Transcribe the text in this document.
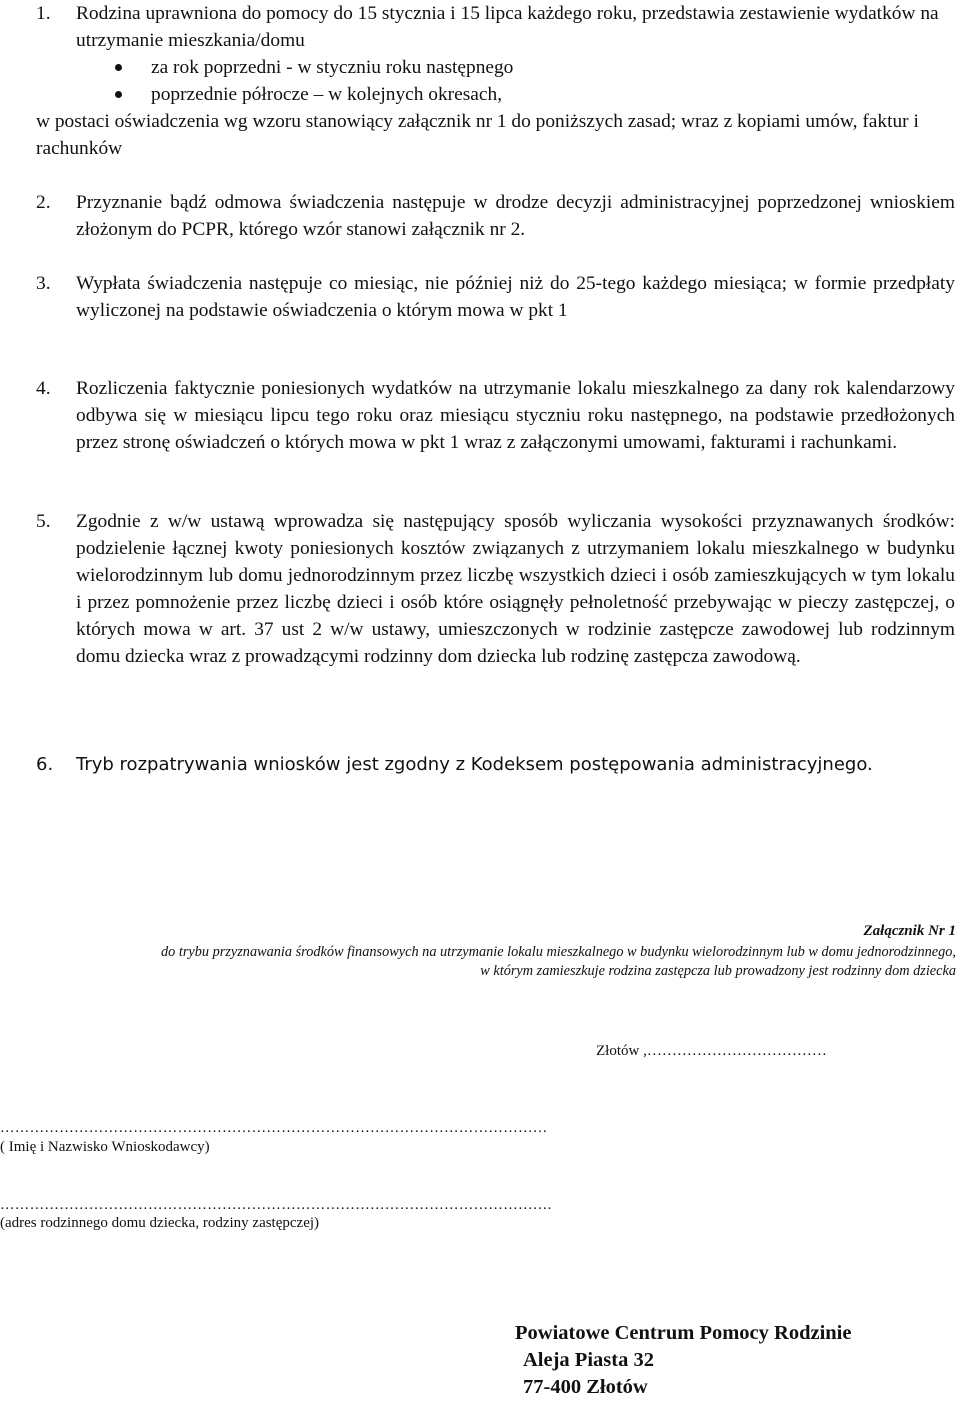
1.	Rodzina uprawniona do pomocy do 15 stycznia i 15 lipca każdego roku, przedstawia zestawienie wydatków na utrzymanie mieszkania/domu
za rok poprzedni - w styczniu roku następnego
poprzednie półrocze – w kolejnych okresach,
w postaci oświadczenia wg wzoru stanowiący załącznik nr 1 do poniższych zasad; wraz z kopiami umów, faktur i rachunków
2.	Przyznanie bądź odmowa świadczenia następuje w drodze decyzji administracyjnej poprzedzonej wnioskiem złożonym do PCPR, którego wzór stanowi załącznik nr 2.
3.	Wypłata świadczenia następuje co miesiąc, nie później niż do 25-tego każdego miesiąca; w formie przedpłaty wyliczonej na podstawie oświadczenia o którym mowa w pkt 1
4.	Rozliczenia faktycznie poniesionych wydatków na utrzymanie lokalu mieszkalnego za dany rok kalendarzowy odbywa się w miesiącu lipcu tego roku oraz miesiącu styczniu roku następnego, na podstawie przedłożonych przez stronę oświadczeń o których mowa w pkt 1 wraz z załączonymi umowami, fakturami i rachunkami.
5.	Zgodnie z w/w ustawą wprowadza się następujący sposób wyliczania wysokości przyznawanych środków: podzielenie łącznej kwoty poniesionych kosztów związanych z utrzymaniem lokalu mieszkalnego w budynku wielorodzinnym lub domu jednorodzinnym przez liczbę wszystkich dzieci i osób zamieszkujących w tym lokalu i przez pomnożenie przez liczbę dzieci i osób które osiągnęły pełnoletność przebywając w pieczy zastępczej, o których mowa w art. 37 ust 2 w/w ustawy, umieszczonych w rodzinie zastępcze zawodowej lub rodzinnym domu dziecka wraz z prowadzącymi rodzinny dom dziecka lub rodzinę zastępcza zawodową.
6.	Tryb rozpatrywania wniosków jest zgodny z Kodeksem postępowania administracyjnego.
Załącznik Nr 1
do trybu przyznawania środków finansowych na utrzymanie lokalu mieszkalnego w budynku wielorodzinnym lub w domu jednorodzinnego,
w którym zamieszkuje rodzina zastępcza lub prowadzony jest rodzinny dom dziecka
Złotów ,………………………………
…………………………………………………………………………………………………
( Imię i Nazwisko Wnioskodawcy)
………………………………………………………………………………………………….
(adres rodzinnego domu dziecka, rodziny zastępczej)
Powiatowe Centrum Pomocy Rodzinie
Aleja Piasta 32
77-400 Złotów
